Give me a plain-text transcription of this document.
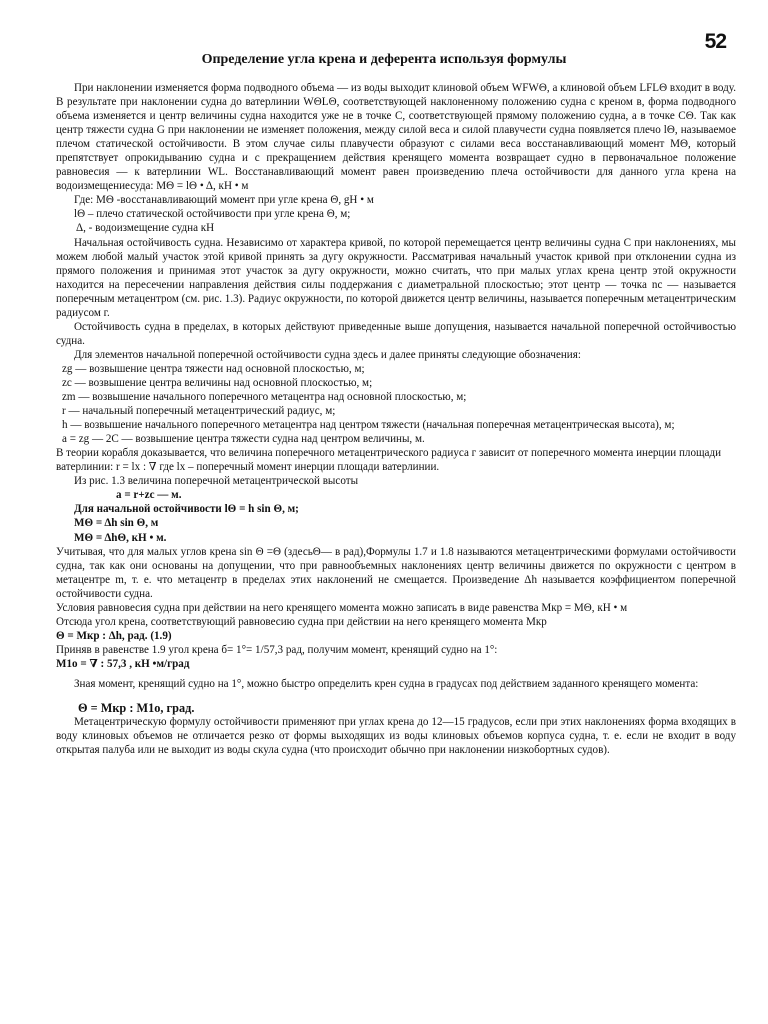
52
Определение угла крена и деферента используя формулы

При наклонении изменяется форма подводного объема — из воды выходит клиновой объем WFWΘ, а клиновой объем LFLΘ входит в воду. В результате при наклонении судна до ватерлинии WΘLΘ, соответствующей наклоненному положению судна с креном в, форма подводного объема изменяется и центр величины судна находится уже не в точке С, соответствующей прямому положению судна, а в точке СΘ. Так как центр тяжести судна G при наклонении не изменяет положения, между силой веса и силой плавучести судна появляется плечо lΘ, называемое плечом статической остойчивости. В этом случае силы плавучести образуют с силами веса восстанавливающий момент МΘ, который препятствует опрокидыванию судна и с прекращением действия кренящего момента возвращает судно в первоначальное положение равновесия — к ватерлинии WL. Восстанавливающий момент равен произведению плеча остойчивости для данного угла крена на водоизмещениесуда: MΘ = lΘ • Δ, кН • м

Где: MΘ -восстанавливающий момент при угле крена Θ, gH • м

lΘ – плечо статической остойчивости при угле крена Θ, м;

Δ, - водоизмещение судна кН

Начальная остойчивость судна. Независимо от характера кривой, по которой перемещается центр величины судна С при наклонениях, мы можем любой малый участок этой кривой принять за дугу окружности. Рассматривая начальный участок кривой при отклонении судна из прямого положения и принимая этот участок за дугу окружности, можно считать, что при малых углах крена центр этой окружности находится на пересечении направления действия силы поддержания с диаметральной плоскостью; этот центр — точка nc — называется поперечным метацентром (см. рис. 1.3). Радиус окружности, по которой движется центр величины, называется поперечным метацентрическим радиусом г.

Остойчивость судна в пределах, в которых действуют приведенные выше допущения, называется начальной поперечной остойчивостью судна.

Для элементов начальной поперечной остойчивости судна здесь и далее приняты следующие обозначения:

zg — возвышение центра тяжести над основной плоскостью, м;

zc — возвышение центра величины над основной плоскостью, м;

zm — возвышение начального поперечного метацентра над основной плоскостью, м;

r — начальный поперечный метацентрический радиус, м;

h — возвышение начального поперечного метацентра над центром тяжести (начальная поперечная метацентрическая высота), м;

a = zg — 2C — возвышение центра тяжести судна над центром величины, м.

В теории корабля доказывается, что величина поперечного метацентрического радиуса г зависит от поперечного момента инерции площади ватерлинии: r = lx : ∇ где lx – поперечный момент инерции площади ватерлинии.

Из рис. 1.3 величина поперечной метацентрической высоты

a = r+zc — м.

Для начальной остойчивости lΘ = h sin Θ, м;

MΘ = Δh sin Θ, м

MΘ = ΔhΘ, кН • м.

Учитывая, что для малых углов крена sin Θ =Θ (здесьΘ— в рад),Формулы 1.7 и 1.8 называются метацентрическими формулами остойчивости судна, так как они основаны на допущении, что при равнообъемных наклонениях центр величины движется по окружности с центром в метацентре m, т. е. что метацентр в пределах этих наклонений не смещается. Произведение Δh называется коэффициентом поперечной остойчивости судна.

Условия равновесия судна при действии на него кренящего момента можно записать в виде равенства Мкр = MΘ, кН • м

Отсюда угол крена, соответствующий равновесию судна при действии на него кренящего момента Мкр

Θ = Мкр : Δh, рад. (1.9)

Приняв в равенстве 1.9 угол крена б= 1°= 1/57,3 рад, получим момент, кренящий судно на 1°:

M1o = ∇ : 57,3 , кН •м/град

Зная момент, кренящий судно на 1°, можно быстро определить крен судна в градусах под действием заданного кренящего момента:

Θ = Мкр : М1o, град.

Метацентрическую формулу остойчивости применяют при углах крена до 12—15 градусов, если при этих наклонениях форма входящих в воду клиновых объемов не отличается резко от формы выходящих из воды клиновых объемов корпуса судна, т. е. если не входит в воду открытая палуба или не выходит из воды скула судна (что происходит обычно при наклонении низкобортных судов).
